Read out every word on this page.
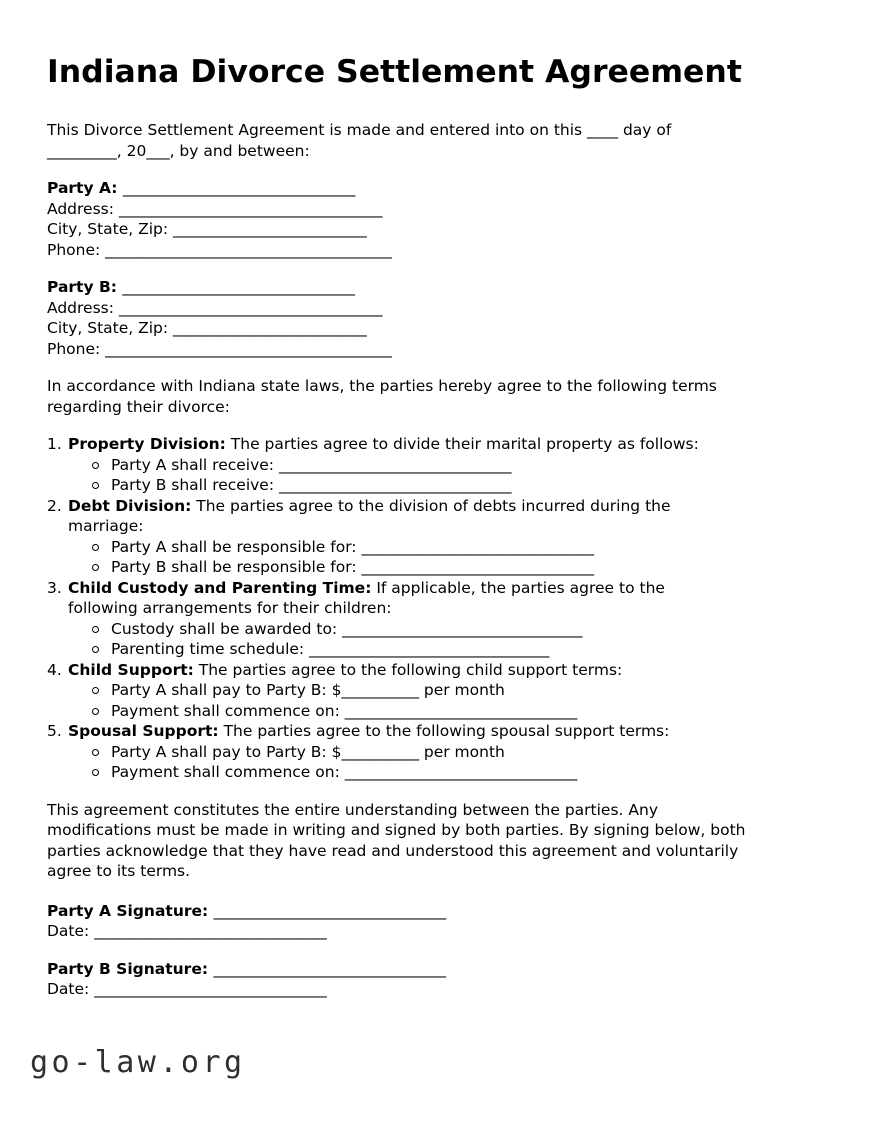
Indiana Divorce Settlement Agreement
This Divorce Settlement Agreement is made and entered into on this ____ day of
_________, 20___, by and between:
Party A: ______________________________
Address: __________________________________
City, State, Zip: _________________________
Phone: _____________________________________
Party B: ______________________________
Address: __________________________________
City, State, Zip: _________________________
Phone: _____________________________________
In accordance with Indiana state laws, the parties hereby agree to the following terms
regarding their divorce:
1. Property Division: The parties agree to divide their marital property as follows:
Party A shall receive: ______________________________
Party B shall receive: ______________________________
2. Debt Division: The parties agree to the division of debts incurred during the
marriage:
Party A shall be responsible for: ______________________________
Party B shall be responsible for: ______________________________
3. Child Custody and Parenting Time: If applicable, the parties agree to the
following arrangements for their children:
Custody shall be awarded to: _______________________________
Parenting time schedule: _______________________________
4. Child Support: The parties agree to the following child support terms:
Party A shall pay to Party B: $__________ per month
Payment shall commence on: ______________________________
5. Spousal Support: The parties agree to the following spousal support terms:
Party A shall pay to Party B: $__________ per month
Payment shall commence on: ______________________________
This agreement constitutes the entire understanding between the parties. Any
modifications must be made in writing and signed by both parties. By signing below, both
parties acknowledge that they have read and understood this agreement and voluntarily
agree to its terms.
Party A Signature: ______________________________
Date: ______________________________
Party B Signature: ______________________________
Date: ______________________________
go-law.org
